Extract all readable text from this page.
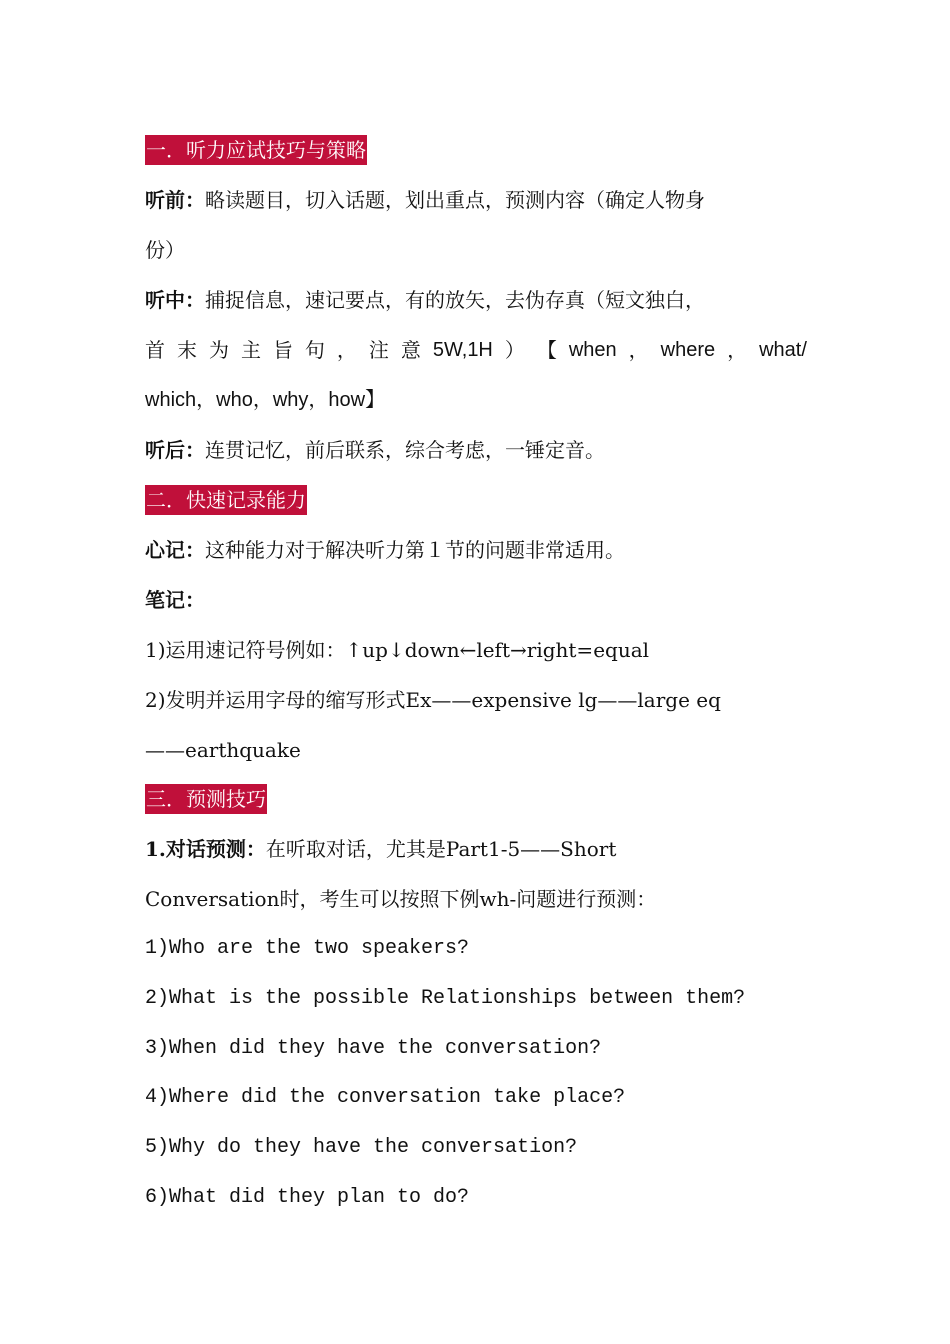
一．听力应试技巧与策略
听前：略读题目，切入话题，划出重点，预测内容（确定人物身
份）
听中：捕捉信息，速记要点，有的放矢，去伪存真（短文独白，
首 末 为 主 旨 句 ， 注 意 5W,1H ） 【 when ， where ， what/
which，who，why，how】
听后：连贯记忆，前后联系，综合考虑，一锤定音。
二．快速记录能力
心记：这种能力对于解决听力第１节的问题非常适用。
笔记：
1)运用速记符号例如：↑up↓down←left→right=equal
2)发明并运用字母的缩写形式Ex——expensive lg——large eq
——earthquake
三．预测技巧
1.对话预测：在听取对话，尤其是Part1-5——Short
Conversation时，考生可以按照下例wh-问题进行预测：
1)Who are the two speakers?
2)What is the possible Relationships between them?
3)When did they have the conversation?
4)Where did the conversation take place?
5)Why do they have the conversation?
6)What did they plan to do?
